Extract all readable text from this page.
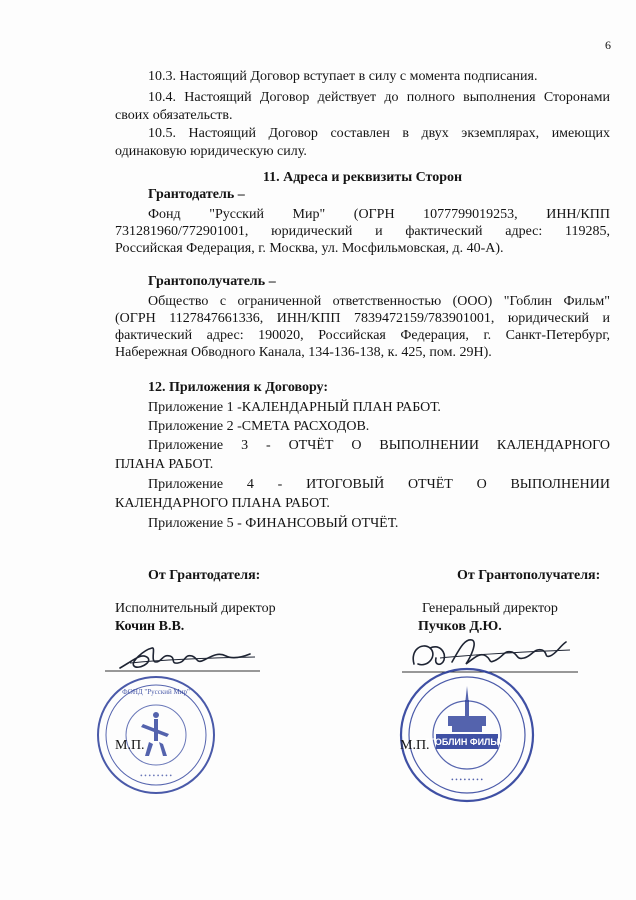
6
10.3. Настоящий Договор вступает в силу с момента подписания.
10.4. Настоящий Договор действует до полного выполнения Сторонами
своих обязательств.
10.5. Настоящий Договор составлен в двух экземплярах, имеющих
одинаковую юридическую силу.
11. Адреса и реквизиты Сторон
Грантодатель –
Фонд "Русский Мир" (ОГРН 1077799019253, ИНН/КПП
731281960/772901001, юридический и фактический адрес: 119285,
Российская Федерация, г. Москва, ул. Мосфильмовская, д. 40-А).
Грантополучатель –
Общество с ограниченной ответственностью (ООО) "Гоблин Фильм"
(ОГРН 1127847661336, ИНН/КПП 7839472159/783901001, юридический и
фактический адрес: 190020, Российская Федерация, г. Санкт-Петербург,
Набережная Обводного Канала, 134-136-138, к. 425, пом. 29Н).
12. Приложения к Договору:
Приложение 1 -КАЛЕНДАРНЫЙ ПЛАН РАБОТ.
Приложение 2 -СМЕТА РАСХОДОВ.
Приложение 3 - ОТЧЁТ О ВЫПОЛНЕНИИ КАЛЕНДАРНОГО
ПЛАНА РАБОТ.
Приложение 4 - ИТОГОВЫЙ ОТЧЁТ О ВЫПОЛНЕНИИ
КАЛЕНДАРНОГО ПЛАНА РАБОТ.
Приложение 5 - ФИНАНСОВЫЙ ОТЧЁТ.
От Грантодателя:	От Грантополучателя:
Исполнительный директор
Кочин В.В.
Генеральный директор
Пучков Д.Ю.
ФОНД "Русский Мир"
• • • • • • • •
"ГОБЛИН ФИЛЬМ"
• • • • • • • •
М.П.	М.П.
